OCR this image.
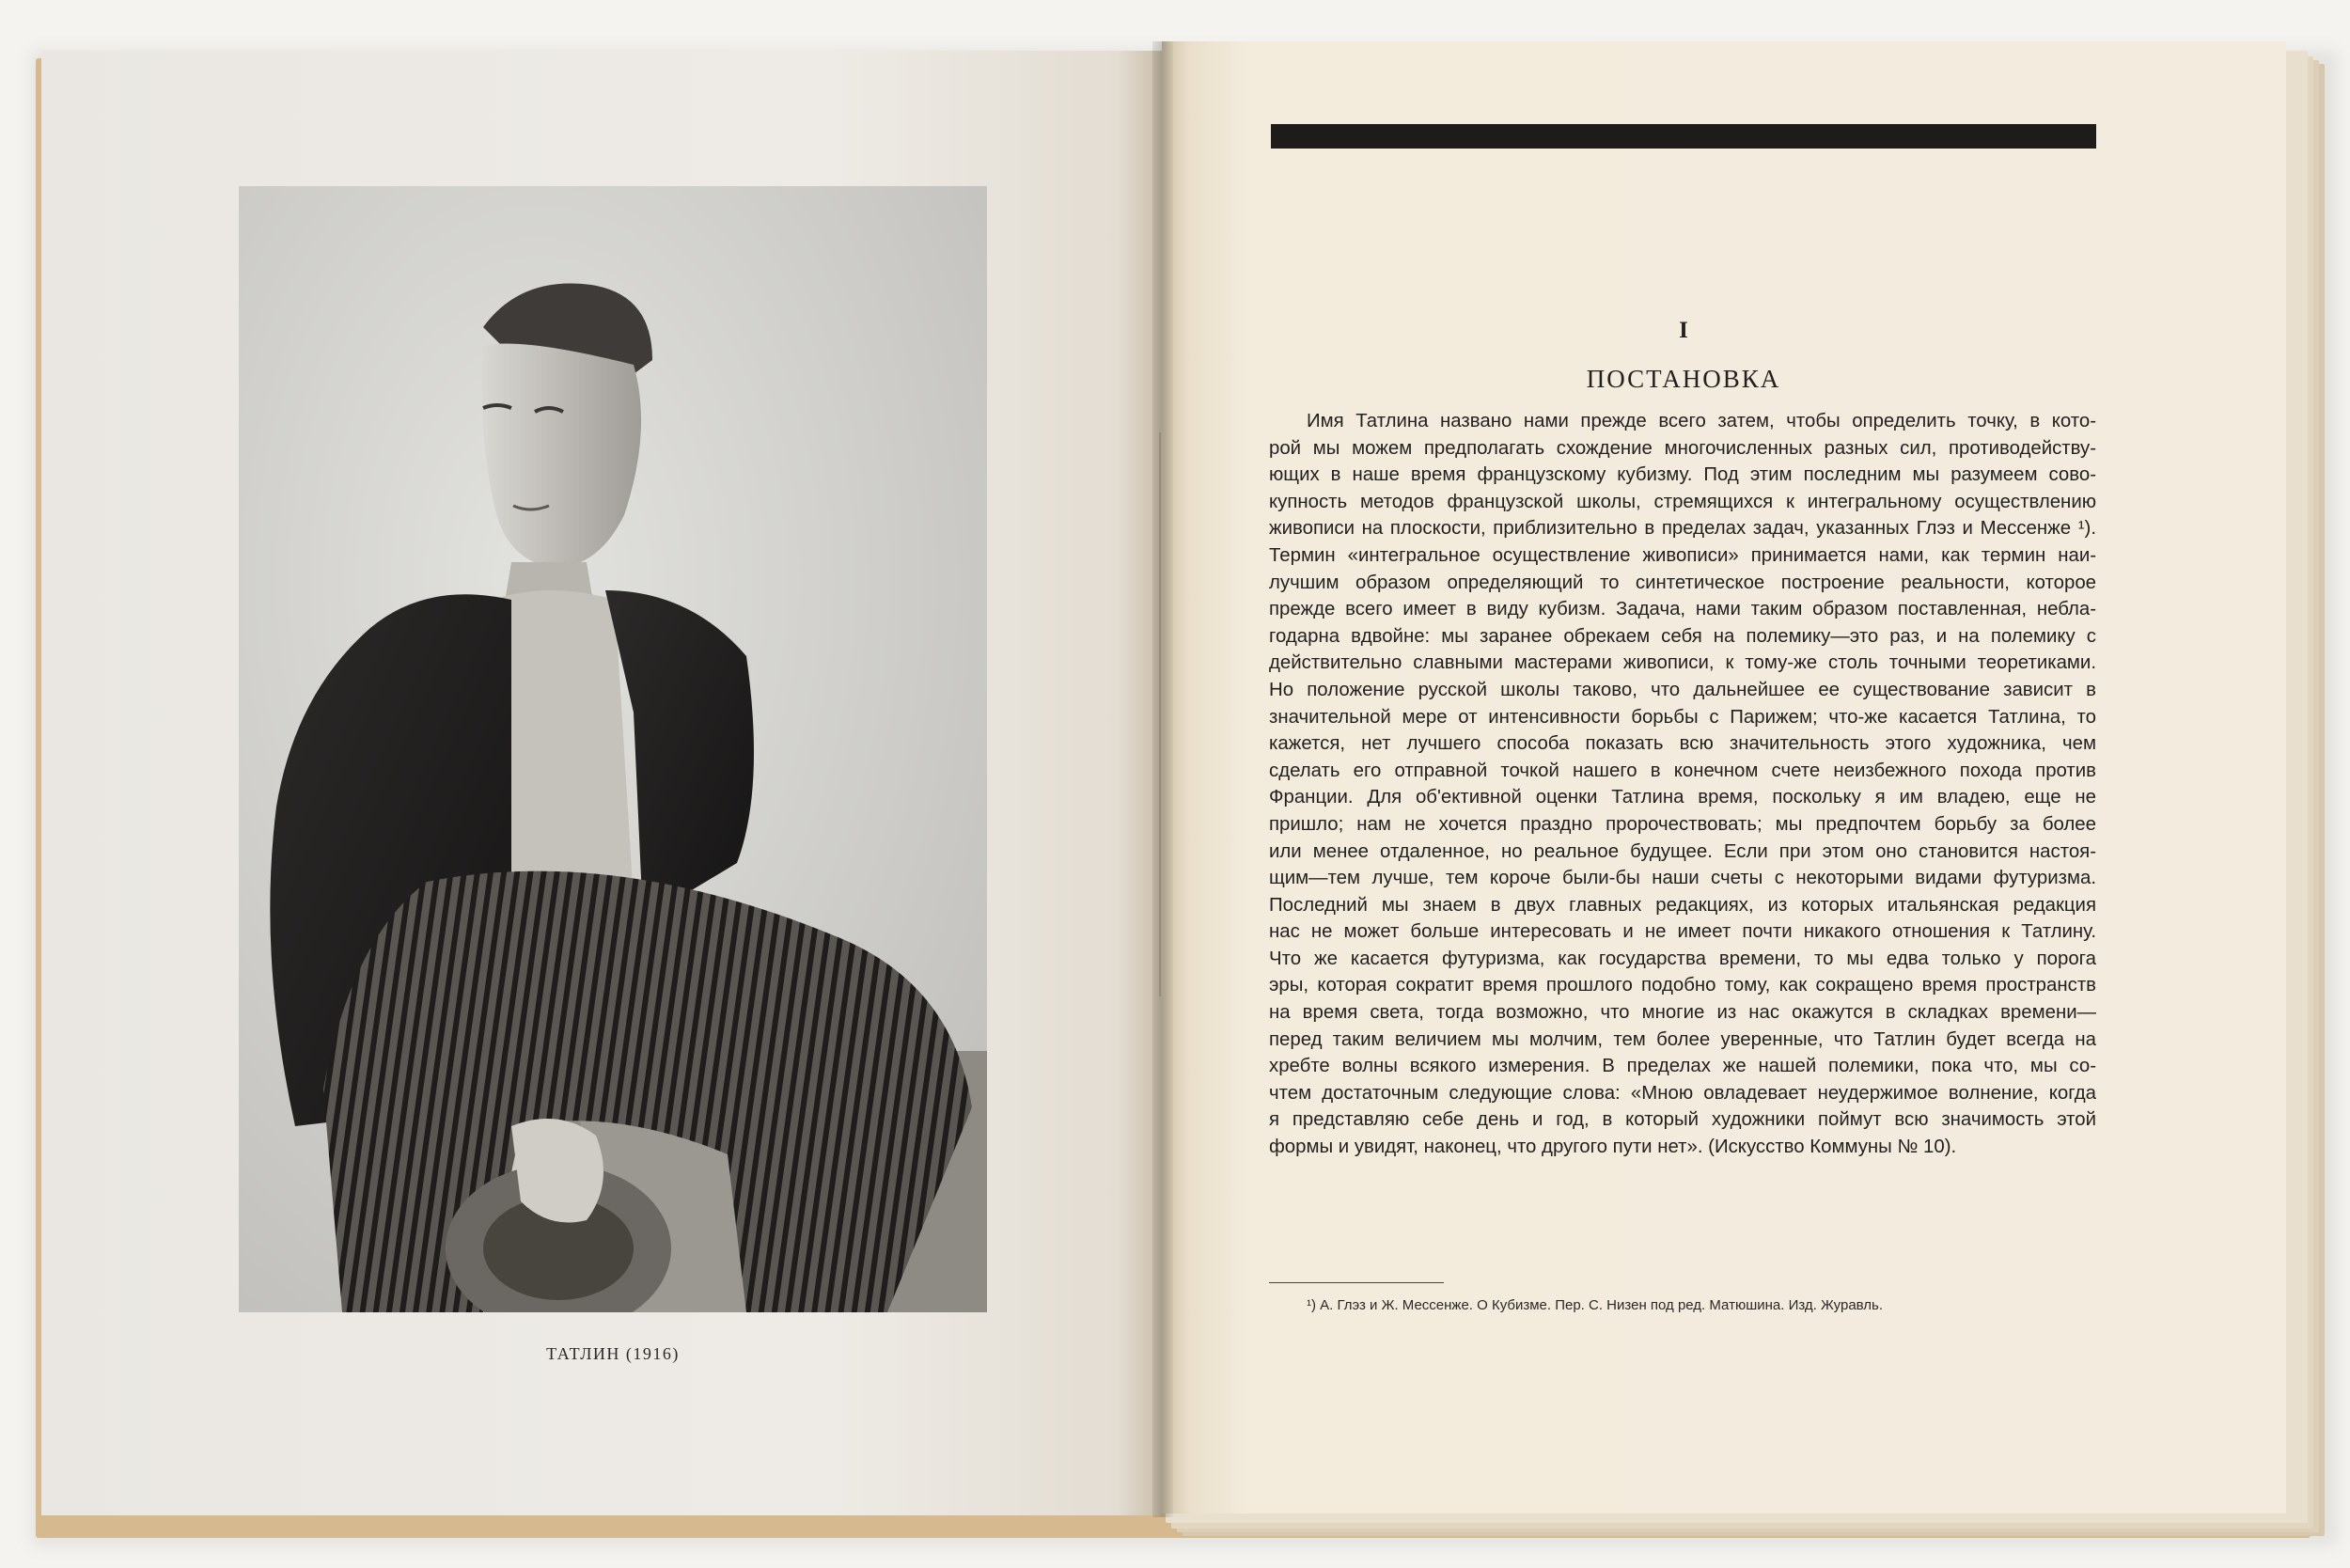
ТАТЛИН (1916)
I
ПОСТАНОВКА
Имя Татлина названо нами прежде всего затем, чтобы определить точку, в кото-
рой мы можем предполагать схождение многочисленных разных сил, противодейству-
ющих в наше время французскому кубизму. Под этим последним мы разумеем сово-
купность методов французской школы, стремящихся к интегральному осуществлению
живописи на плоскости, приблизительно в пределах задач, указанных Глэз и Мессенже ¹).
Термин «интегральное осуществление живописи» принимается нами, как термин наи-
лучшим образом определяющий то синтетическое построение реальности, которое
прежде всего имеет в виду кубизм. Задача, нами таким образом поставленная, небла-
годарна вдвойне: мы заранее обрекаем себя на полемику—это раз, и на полемику с
действительно славными мастерами живописи, к тому-же столь точными теоретиками.
Но положение русской школы таково, что дальнейшее ее существование зависит в
значительной мере от интенсивности борьбы с Парижем; что-же касается Татлина, то
кажется, нет лучшего способа показать всю значительность этого художника, чем
сделать его отправной точкой нашего в конечном счете неизбежного похода против
Франции. Для об'ективной оценки Татлина время, поскольку я им владею, еще не
пришло; нам не хочется праздно пророчествовать; мы предпочтем борьбу за более
или менее отдаленное, но реальное будущее. Если при этом оно становится настоя-
щим—тем лучше, тем короче были-бы наши счеты с некоторыми видами футуризма.
Последний мы знаем в двух главных редакциях, из которых итальянская редакция
нас не может больше интересовать и не имеет почти никакого отношения к Татлину.
Что же касается футуризма, как государства времени, то мы едва только у порога
эры, которая сократит время прошлого подобно тому, как сокращено время пространств
на время света, тогда возможно, что многие из нас окажутся в складках времени—
перед таким величием мы молчим, тем более уверенные, что Татлин будет всегда на
хребте волны всякого измерения. В пределах же нашей полемики, пока что, мы со-
чтем достаточным следующие слова: «Мною овладевает неудержимое волнение, когда
я представляю себе день и год, в который художники поймут всю значимость этой
формы и увидят, наконец, что другого пути нет». (Искусство Коммуны № 10).
¹) А. Глэз и Ж. Мессенже. О Кубизме. Пер. С. Низен под ред. Матюшина. Изд. Журавль.
